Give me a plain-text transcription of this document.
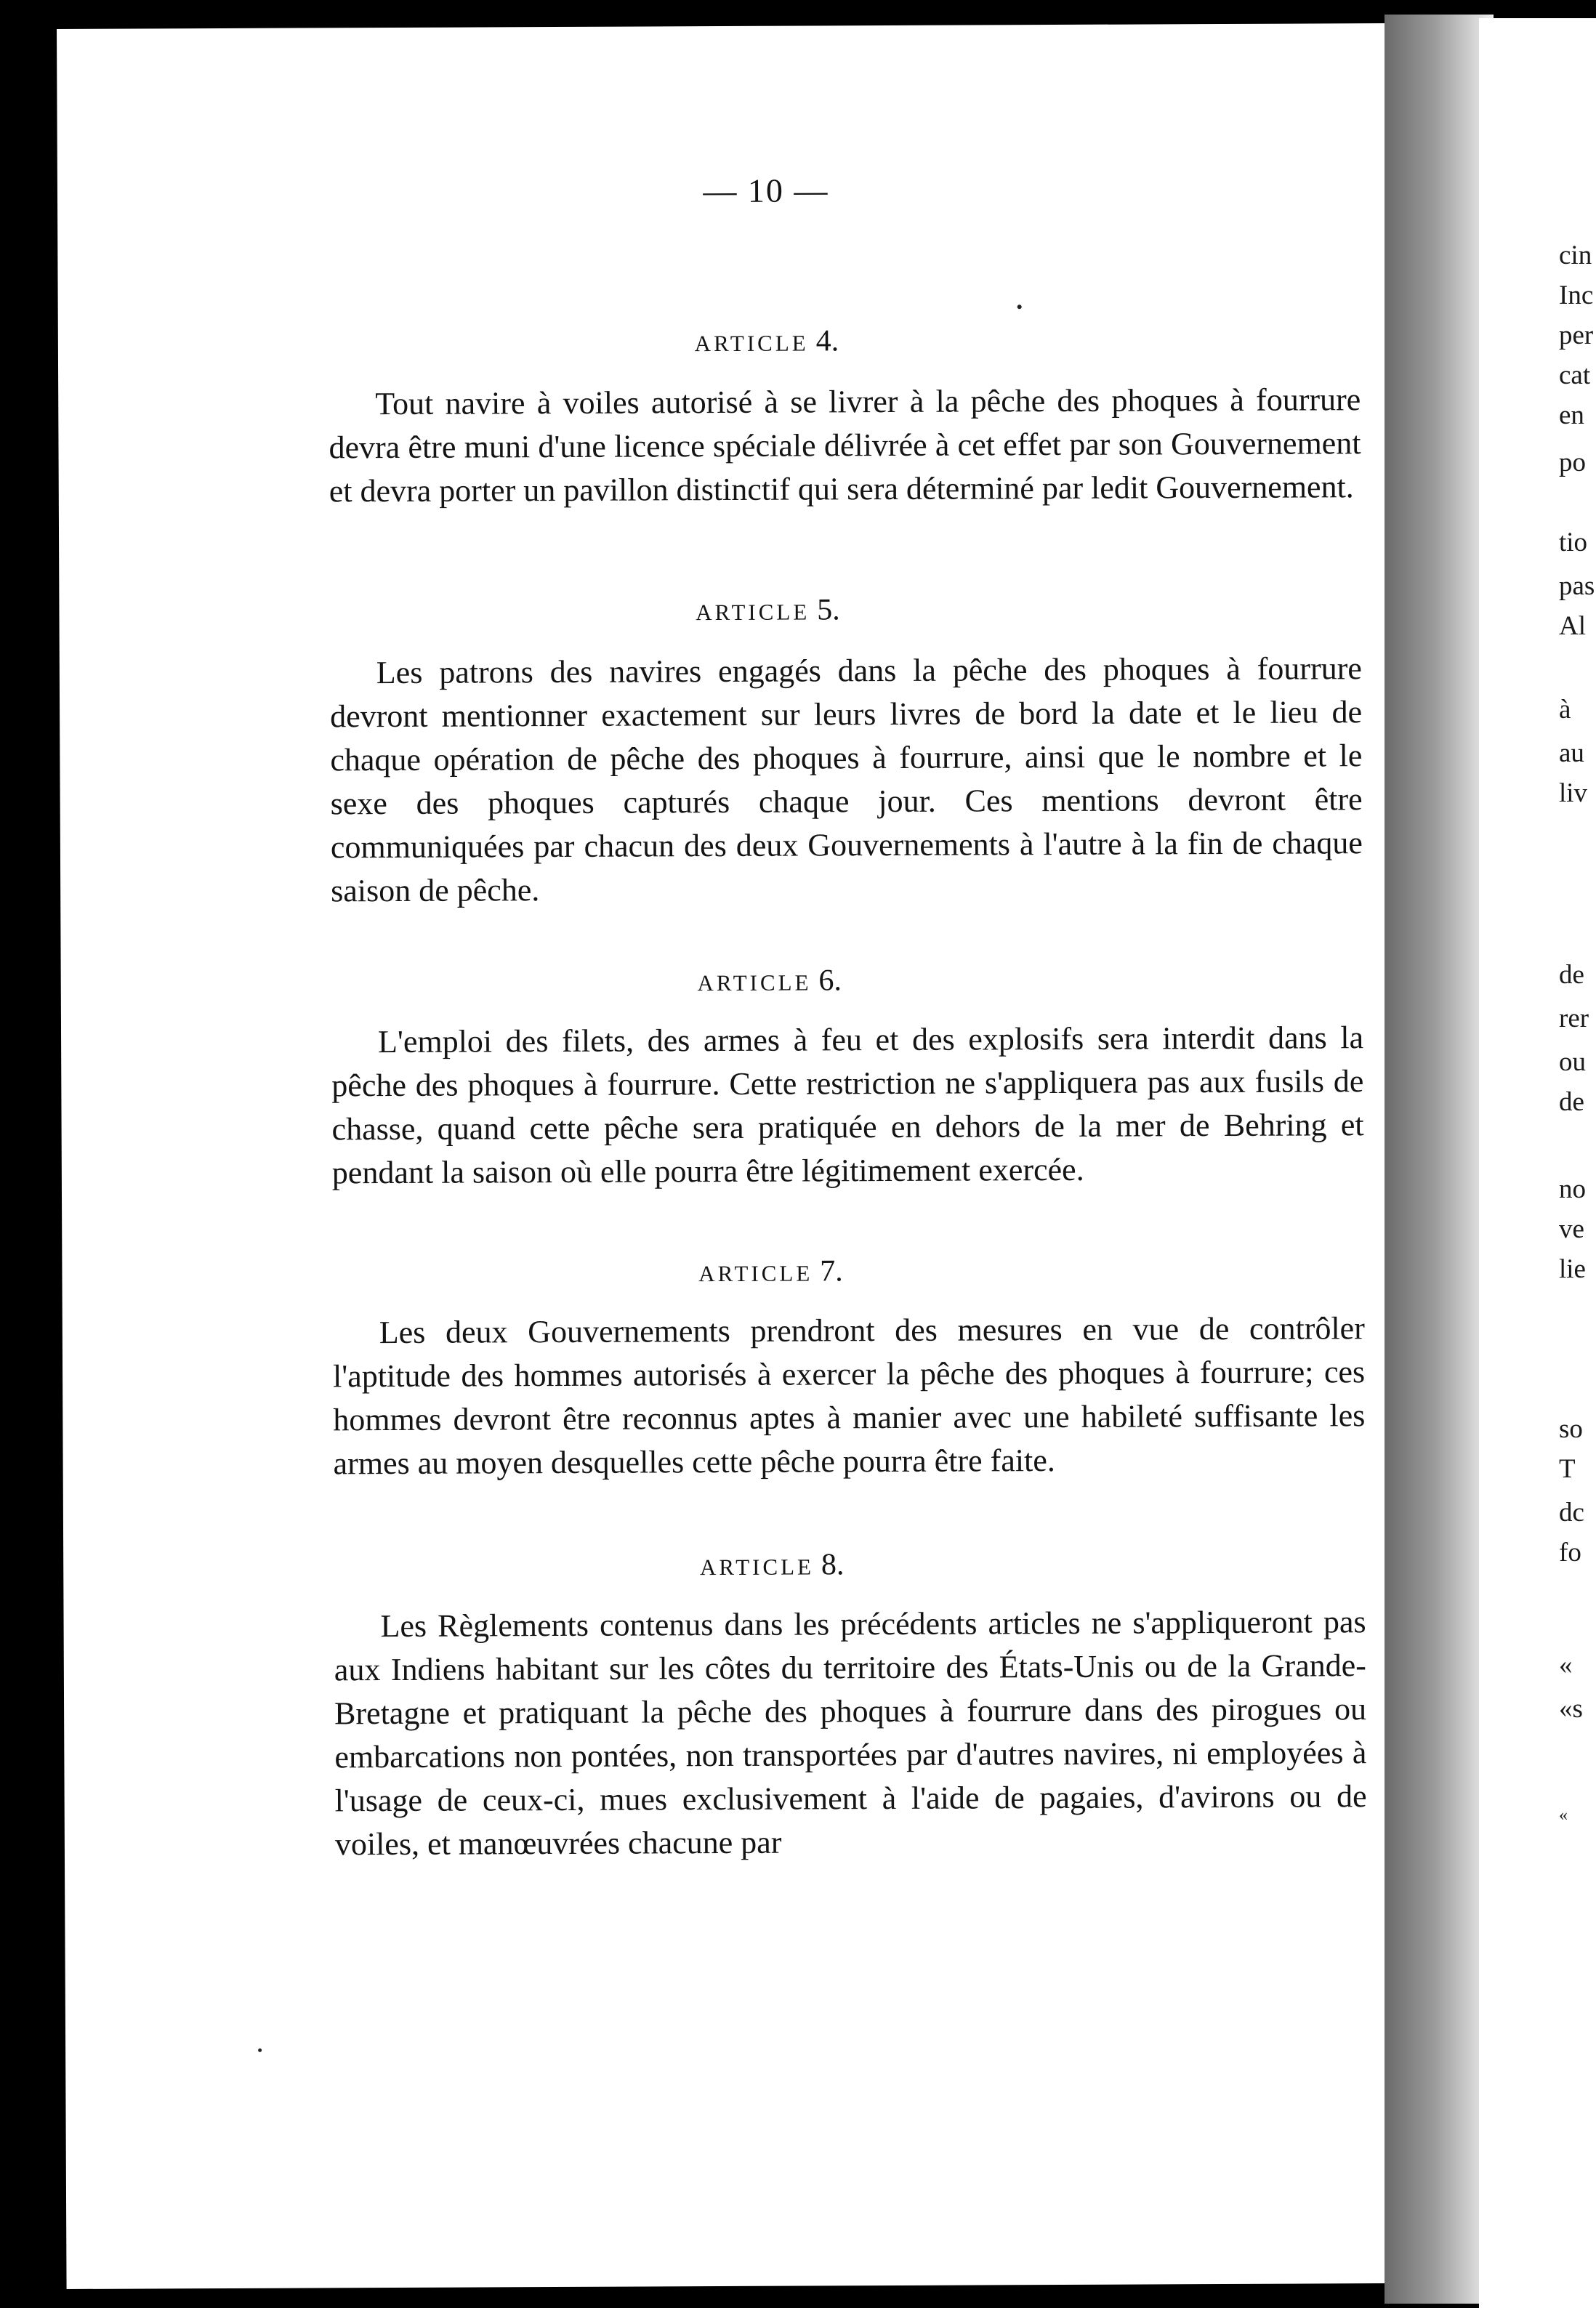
— 10 —
ARTICLE 4.

Tout navire à voiles autorisé à se livrer à la pêche des phoques à fourrure devra être muni d'une licence spéciale délivrée à cet effet par son Gouvernement et devra porter un pavillon distinctif qui sera déterminé par ledit Gouvernement.

ARTICLE 5.

Les patrons des navires engagés dans la pêche des phoques à fourrure devront mentionner exactement sur leurs livres de bord la date et le lieu de chaque opération de pêche des phoques à fourrure, ainsi que le nombre et le sexe des phoques capturés chaque jour. Ces mentions devront être communiquées par chacun des deux Gouvernements à l'autre à la fin de chaque saison de pêche.

ARTICLE 6.

L'emploi des filets, des armes à feu et des explosifs sera interdit dans la pêche des phoques à fourrure. Cette restriction ne s'appliquera pas aux fusils de chasse, quand cette pêche sera pratiquée en dehors de la mer de Behring et pendant la saison où elle pourra être légitimement exercée.

ARTICLE 7.

Les deux Gouvernements prendront des mesures en vue de contrôler l'aptitude des hommes autorisés à exercer la pêche des phoques à fourrure; ces hommes devront être reconnus aptes à manier avec une habileté suffisante les armes au moyen desquelles cette pêche pourra être faite.

ARTICLE 8.

Les Règlements contenus dans les précédents articles ne s'appliqueront pas aux Indiens habitant sur les côtes du territoire des États-Unis ou de la Grande-Bretagne et pratiquant la pêche des phoques à fourrure dans des pirogues ou embarcations non pontées, non transportées par d'autres navires, ni employées à l'usage de ceux-ci, mues exclusivement à l'aide de pagaies, d'avirons ou de voiles, et manœuvrées chacune par

cin
Inc
per
cat
en
po
tio
pas
Al
à
au
liv
de
rer
ou
de
no
ve
lie
so
T
dc
fo
«
«s
«
